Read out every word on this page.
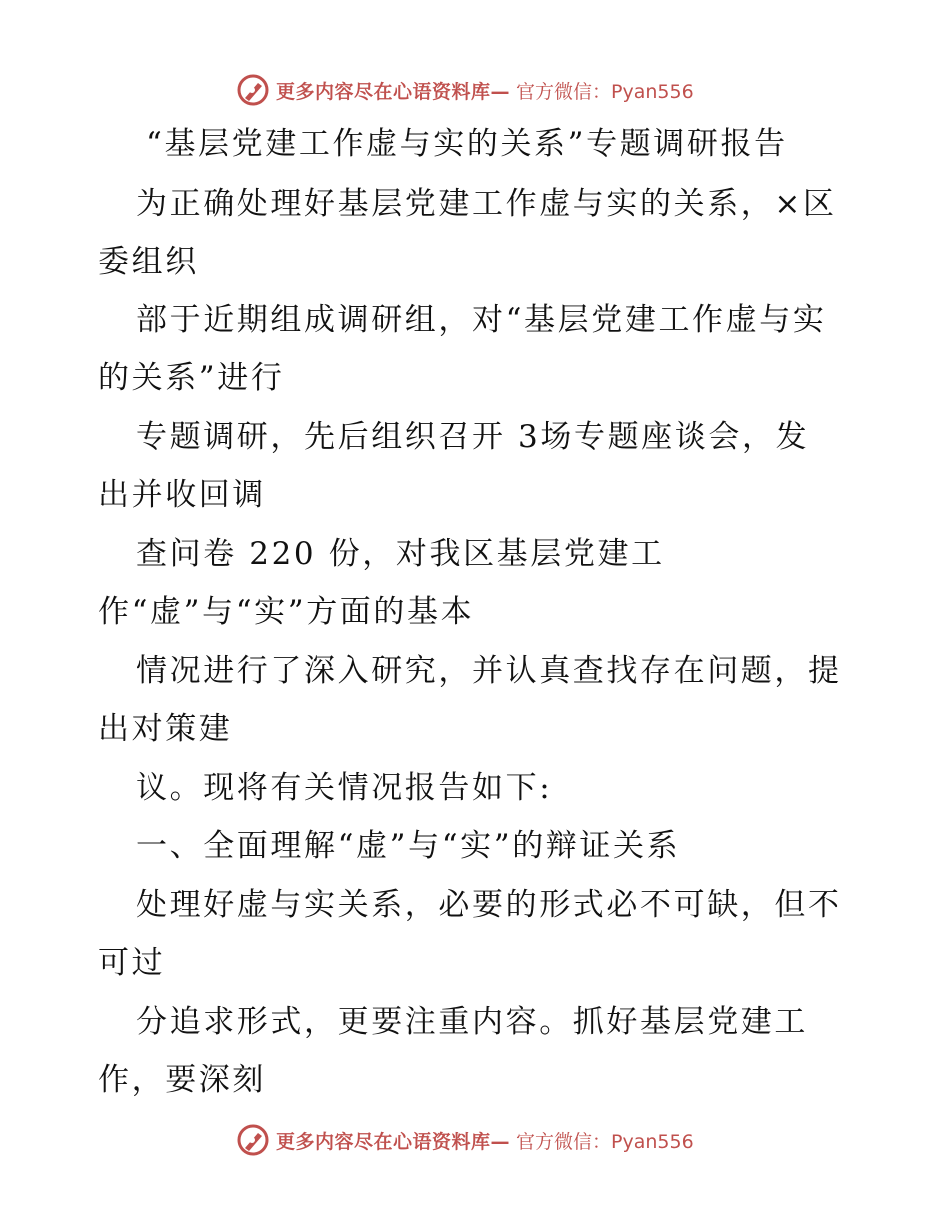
更多内容尽在心语资料库— 官方微信：Pyan556
“基层党建工作虚与实的关系”专题调研报告
为正确处理好基层党建工作虚与实的关系，×区
委组织
部于近期组成调研组，对“基层党建工作虚与实
的关系”进行
专题调研，先后组织召开 3场专题座谈会，发
出并收回调
查问卷 220 份，对我区基层党建工
作“虚”与“实”方面的基本
情况进行了深入研究，并认真查找存在问题，提
出对策建
议。现将有关情况报告如下:
一、全面理解“虚”与“实”的辩证关系
处理好虚与实关系，必要的形式必不可缺，但不
可过
分追求形式，更要注重内容。抓好基层党建工
作，要深刻
更多内容尽在心语资料库— 官方微信：Pyan556
